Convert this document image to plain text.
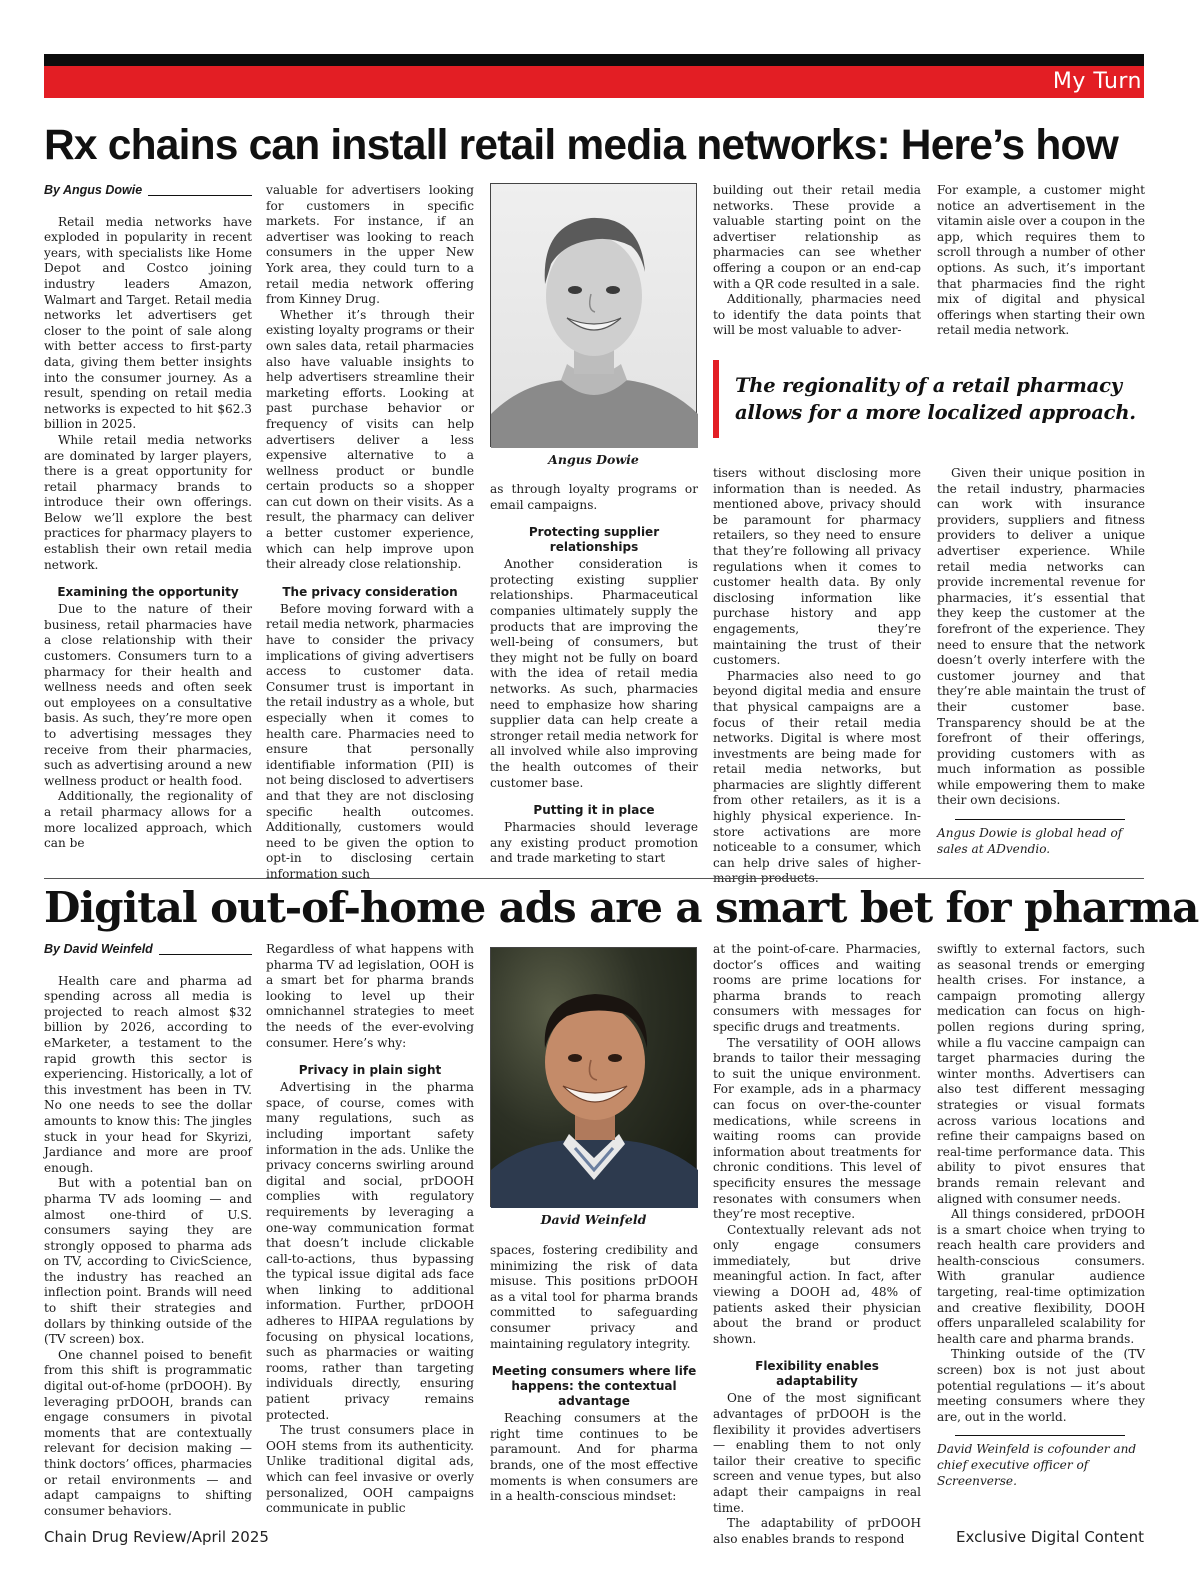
My Turn
Rx chains can install retail media networks: Here’s how
By Angus Dowie

Retail media networks have exploded in popularity in recent years, with specialists like Home Depot and Costco joining industry leaders Amazon, Walmart and Target. Retail media networks let advertisers get closer to the point of sale along with better access to first-party data, giving them better insights into the consumer journey. As a result, spending on retail media networks is expected to hit $62.3 billion in 2025.

While retail media networks are dominated by larger players, there is a great opportunity for retail pharmacy brands to introduce their own offerings. Below we’ll explore the best practices for pharmacy players to establish their own retail media network.

Examining the opportunity

Due to the nature of their business, retail pharmacies have a close relationship with their customers. Consumers turn to a pharmacy for their health and wellness needs and often seek out employees on a consultative basis. As such, they’re more open to advertising messages they receive from their pharmacies, such as advertising around a new wellness product or health food.

Additionally, the regionality of a retail pharmacy allows for a more localized approach, which can be

valuable for advertisers looking for customers in specific markets. For instance, if an advertiser was looking to reach consumers in the upper New York area, they could turn to a retail media network offering from Kinney Drug.

Whether it’s through their existing loyalty programs or their own sales data, retail pharmacies also have valuable insights to help advertisers streamline their marketing efforts. Looking at past purchase behavior or frequency of visits can help advertisers deliver a less expensive alternative to a wellness product or bundle certain products so a shopper can cut down on their visits. As a result, the pharmacy can deliver a better customer experience, which can help improve upon their already close relationship.

The privacy consideration

Before moving forward with a retail media network, pharmacies have to consider the privacy implications of giving advertisers access to customer data. Consumer trust is important in the retail industry as a whole, but especially when it comes to health care. Pharmacies need to ensure that personally identifiable information (PII) is not being disclosed to advertisers and that they are not disclosing specific health outcomes. Additionally, customers would need to be given the option to opt-in to disclosing certain information such

Angus Dowie

as through loyalty programs or email campaigns.

Protecting supplier relationships

Another consideration is protecting existing supplier relationships. Pharmaceutical companies ultimately supply the products that are improving the well-being of consumers, but they might not be fully on board with the idea of retail media networks. As such, pharmacies need to emphasize how sharing supplier data can help create a stronger retail media network for all involved while also improving the health outcomes of their customer base.

Putting it in place

Pharmacies should leverage any existing product promotion and trade marketing to start

building out their retail media networks. These provide a valuable starting point on the advertiser relationship as pharmacies can see whether offering a coupon or an end-cap with a QR code resulted in a sale.

Additionally, pharmacies need to identify the data points that will be most valuable to adver-

For example, a customer might notice an advertisement in the vitamin aisle over a coupon in the app, which requires them to scroll through a number of other options. As such, it’s important that pharmacies find the right mix of digital and physical offerings when starting their own retail media network.

The regionality of a retail pharmacy allows for a more localized approach.

tisers without disclosing more information than is needed. As mentioned above, privacy should be paramount for pharmacy retailers, so they need to ensure that they’re following all privacy regulations when it comes to customer health data. By only disclosing information like purchase history and app engagements, they’re maintaining the trust of their customers.

Pharmacies also need to go beyond digital media and ensure that physical campaigns are a focus of their retail media networks. Digital is where most investments are being made for retail media networks, but pharmacies are slightly different from other retailers, as it is a highly physical experience. In-store activations are more noticeable to a consumer, which can help drive sales of higher-margin products.

Given their unique position in the retail industry, pharmacies can work with insurance providers, suppliers and fitness providers to deliver a unique advertiser experience. While retail media networks can provide incremental revenue for pharmacies, it’s essential that they keep the customer at the forefront of the experience. They need to ensure that the network doesn’t overly interfere with the customer journey and that they’re able maintain the trust of their customer base. Transparency should be at the forefront of their offerings, providing customers with as much information as possible while empowering them to make their own decisions.

Angus Dowie is global head of sales at ADvendio.

Digital out-of-home ads are a smart bet for pharma
By David Weinfeld

Health care and pharma ad spending across all media is projected to reach almost $32 billion by 2026, according to eMarketer, a testament to the rapid growth this sector is experiencing. Historically, a lot of this investment has been in TV. No one needs to see the dollar amounts to know this: The jingles stuck in your head for Skyrizi, Jardiance and more are proof enough.

But with a potential ban on pharma TV ads looming — and almost one-third of U.S. consumers saying they are strongly opposed to pharma ads on TV, according to CivicScience, the industry has reached an inflection point. Brands will need to shift their strategies and dollars by thinking outside of the (TV screen) box.

One channel poised to benefit from this shift is programmatic digital out-of-home (prDOOH). By leveraging prDOOH, brands can engage consumers in pivotal moments that are contextually relevant for decision making — think doctors’ offices, pharmacies or retail environments — and adapt campaigns to shifting consumer behaviors.

Regardless of what happens with pharma TV ad legislation, OOH is a smart bet for pharma brands looking to level up their omnichannel strategies to meet the needs of the ever-evolving consumer. Here’s why:

Privacy in plain sight

Advertising in the pharma space, of course, comes with many regulations, such as including important safety information in the ads. Unlike the privacy concerns swirling around digital and social, prDOOH complies with regulatory requirements by leveraging a one-way communication format that doesn’t include clickable call-to-actions, thus bypassing the typical issue digital ads face when linking to additional information. Further, prDOOH adheres to HIPAA regulations by focusing on physical locations, such as pharmacies or waiting rooms, rather than targeting individuals directly, ensuring patient privacy remains protected.

The trust consumers place in OOH stems from its authenticity. Unlike traditional digital ads, which can feel invasive or overly personalized, OOH campaigns communicate in public

David Weinfeld

spaces, fostering credibility and minimizing the risk of data misuse. This positions prDOOH as a vital tool for pharma brands committed to safeguarding consumer privacy and maintaining regulatory integrity.

Meeting consumers where life happens: the contextual advantage

Reaching consumers at the right time continues to be paramount. And for pharma brands, one of the most effective moments is when consumers are in a health-conscious mindset:

at the point-of-care. Pharmacies, doctor’s offices and waiting rooms are prime locations for pharma brands to reach consumers with messages for specific drugs and treatments.

The versatility of OOH allows brands to tailor their messaging to suit the unique environment. For example, ads in a pharmacy can focus on over-the-counter medications, while screens in waiting rooms can provide information about treatments for chronic conditions. This level of specificity ensures the message resonates with consumers when they’re most receptive.

Contextually relevant ads not only engage consumers immediately, but drive meaningful action. In fact, after viewing a DOOH ad, 48% of patients asked their physician about the brand or product shown.

Flexibility enables adaptability

One of the most significant advantages of prDOOH is the flexibility it provides advertisers — enabling them to not only tailor their creative to specific screen and venue types, but also adapt their campaigns in real time.

The adaptability of prDOOH also enables brands to respond

swiftly to external factors, such as seasonal trends or emerging health crises. For instance, a campaign promoting allergy medication can focus on high-pollen regions during spring, while a flu vaccine campaign can target pharmacies during the winter months. Advertisers can also test different messaging strategies or visual formats across various locations and refine their campaigns based on real-time performance data. This ability to pivot ensures that brands remain relevant and aligned with consumer needs.

All things considered, prDOOH is a smart choice when trying to reach health care providers and health-conscious consumers. With granular audience targeting, real-time optimization and creative flexibility, DOOH offers unparalleled scalability for health care and pharma brands.

Thinking outside of the (TV screen) box is not just about potential regulations — it’s about meeting consumers where they are, out in the world.

David Weinfeld is cofounder and chief executive officer of Screenverse.

Chain Drug Review/April 2025	Exclusive Digital Content
